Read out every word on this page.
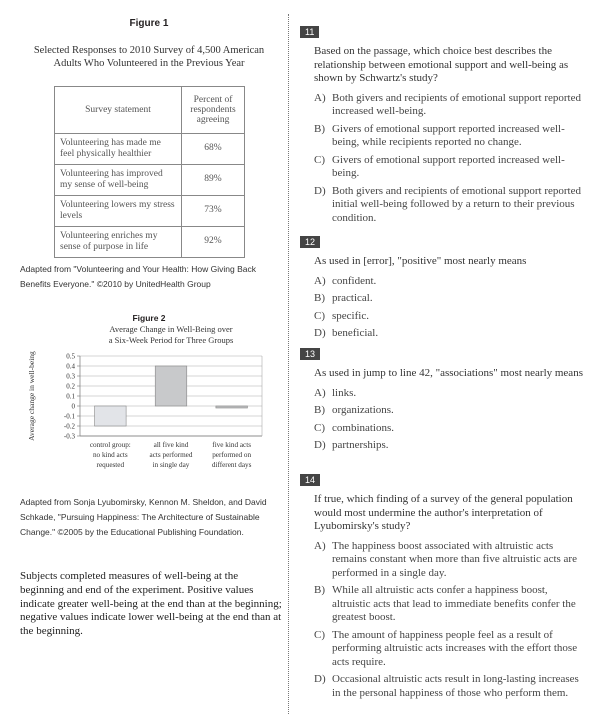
Figure 1
Selected Responses to 2010 Survey of 4,500 American Adults Who Volunteered in the Previous Year
Survey statement	Percent of respondents agreeing
Volunteering has made me feel physically healthier	68%
Volunteering has improved my sense of well-being	89%
Volunteering lowers my stress levels	73%
Volunteering enriches my sense of purpose in life	92%
Adapted from "Volunteering and Your Health: How Giving Back Benefits Everyone." ©2010 by UnitedHealth Group
Figure 2
Average Change in Well-Being over
a Six-Week Period for Three Groups
0.5
0.4
0.3
0.2
0.1
0
-0.1
-0.2
-0.3
Average change in well-being
control group:
no kind acts
requested
all five kind
acts performed
in single day
five kind acts
performed on
different days
Adapted from Sonja Lyubomirsky, Kennon M. Sheldon, and David Schkade, "Pursuing Happiness: The Architecture of Sustainable Change." ©2005 by the Educational Publishing Foundation.
Subjects completed measures of well-being at the beginning and end of the experiment. Positive values indicate greater well-being at the end than at the beginning; negative values indicate lower well-being at the end than at the beginning.
11
Based on the passage, which choice best describes the relationship between emotional support and well-being as shown by Schwartz's study?
A) Both givers and recipients of emotional support reported increased well-being.
B) Givers of emotional support reported increased well-being, while recipients reported no change.
C) Givers of emotional support reported increased well-being.
D) Both givers and recipients of emotional support reported initial well-being followed by a return to their previous condition.
12
As used in [error], "positive" most nearly means
A) confident.
B) practical.
C) specific.
D) beneficial.
13
As used in jump to line 42, "associations" most nearly means
A) links.
B) organizations.
C) combinations.
D) partnerships.
14
If true, which finding of a survey of the general population would most undermine the author's interpretation of Lyubomirsky's study?
A) The happiness boost associated with altruistic acts remains constant when more than five altruistic acts are performed in a single day.
B) While all altruistic acts confer a happiness boost, altruistic acts that lead to immediate benefits confer the greatest boost.
C) The amount of happiness people feel as a result of performing altruistic acts increases with the effort those acts require.
D) Occasional altruistic acts result in long-lasting increases in the personal happiness of those who perform them.
